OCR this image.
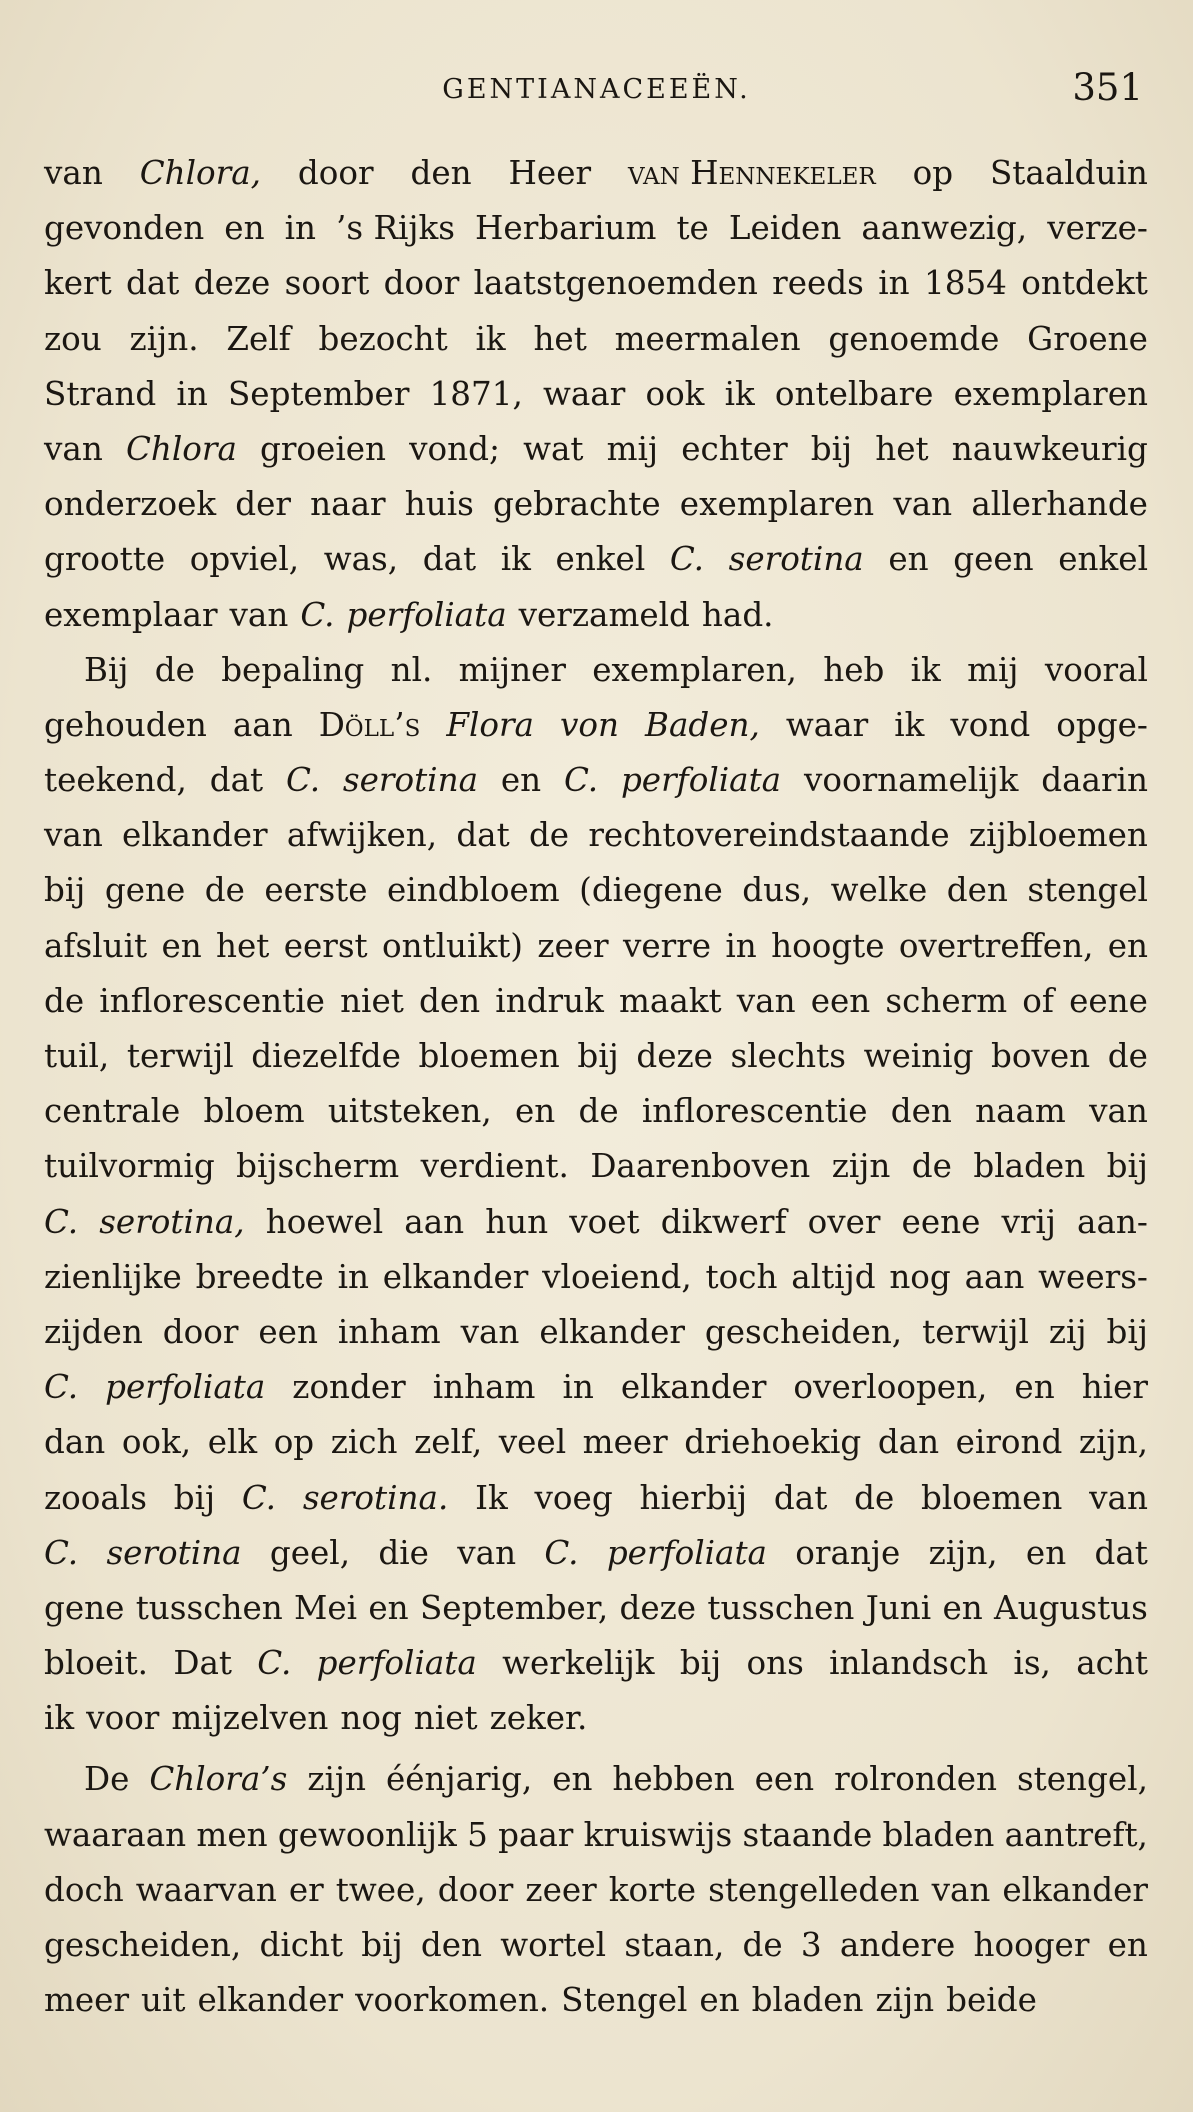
GENTIANACEEËN.	351
van Chlora, door den Heer van Hennekeler op Staalduin
gevonden en in ’s Rijks Herbarium te Leiden aanwezig, verze-
kert dat deze soort door laatstgenoemden reeds in 1854 ontdekt
zou zijn. Zelf bezocht ik het meermalen genoemde Groene
Strand in September 1871, waar ook ik ontelbare exemplaren
van Chlora groeien vond; wat mij echter bij het nauwkeurig
onderzoek der naar huis gebrachte exemplaren van allerhande
grootte opviel, was, dat ik enkel C. serotina en geen enkel
exemplaar van C. perfoliata verzameld had.
Bij de bepaling nl. mijner exemplaren, heb ik mij vooral
gehouden aan Döll’s Flora von Baden, waar ik vond opge-
teekend, dat C. serotina en C. perfoliata voornamelijk daarin
van elkander afwijken, dat de rechtovereindstaande zijbloemen
bij gene de eerste eindbloem (diegene dus, welke den stengel
afsluit en het eerst ontluikt) zeer verre in hoogte overtreffen, en
de inflorescentie niet den indruk maakt van een scherm of eene
tuil, terwijl diezelfde bloemen bij deze slechts weinig boven de
centrale bloem uitsteken, en de inflorescentie den naam van
tuilvormig bijscherm verdient. Daarenboven zijn de bladen bij
C. serotina, hoewel aan hun voet dikwerf over eene vrij aan-
zienlijke breedte in elkander vloeiend, toch altijd nog aan weers-
zijden door een inham van elkander gescheiden, terwijl zij bij
C. perfoliata zonder inham in elkander overloopen, en hier
dan ook, elk op zich zelf, veel meer driehoekig dan eirond zijn,
zooals bij C. serotina. Ik voeg hierbij dat de bloemen van
C. serotina geel, die van C. perfoliata oranje zijn, en dat
gene tusschen Mei en September, deze tusschen Juni en Augustus
bloeit. Dat C. perfoliata werkelijk bij ons inlandsch is, acht
ik voor mijzelven nog niet zeker.
De Chlora’s zijn éénjarig, en hebben een rolronden stengel,
waaraan men gewoonlijk 5 paar kruiswijs staande bladen aantreft,
doch waarvan er twee, door zeer korte stengelleden van elkander
gescheiden, dicht bij den wortel staan, de 3 andere hooger en
meer uit elkander voorkomen. Stengel en bladen zijn beide
